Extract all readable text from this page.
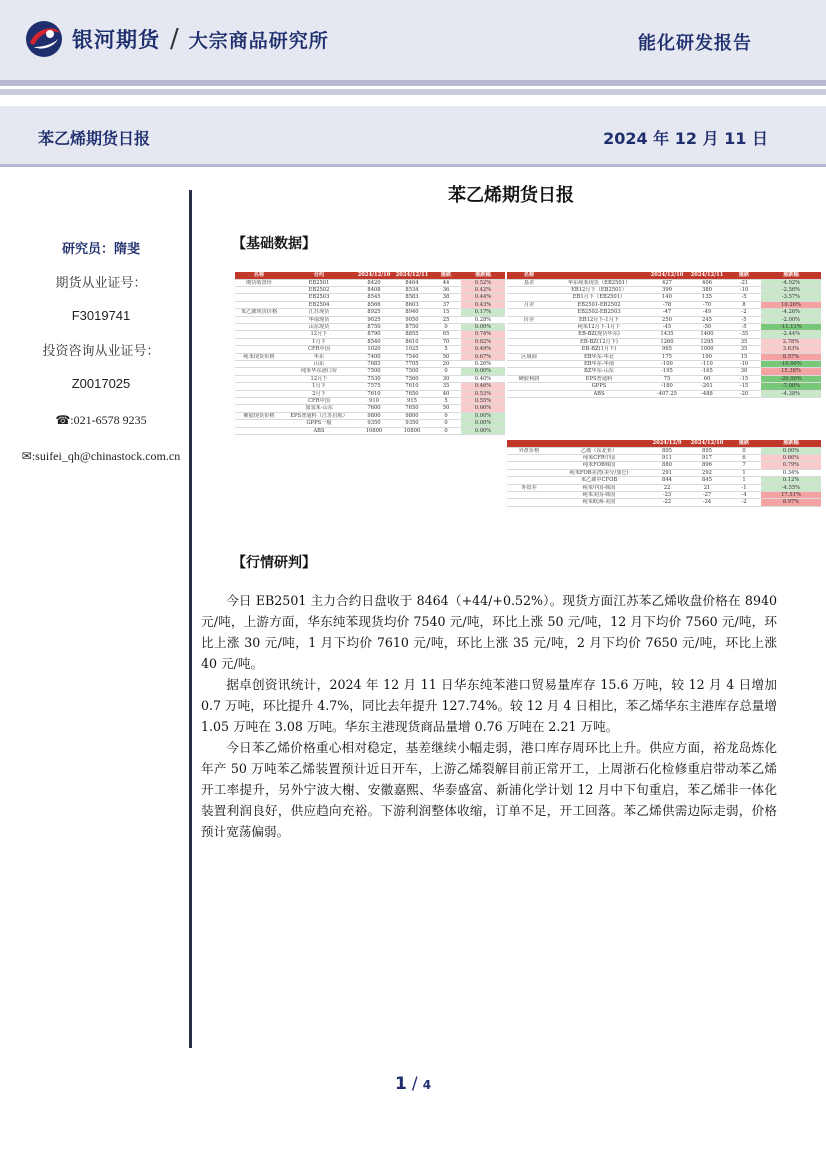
银河期货 / 大宗商品研究所	能化研发报告
苯乙烯期货日报	2024 年 12 月 11 日
研究员：隋斐
期货从业证号：
F3019741
投资咨询从业证号：
Z0017025
☎:021-6578 9235
✉:suifei_qh@chinastock.com.cn
苯乙烯期货日报
【基础数据】
名称	合约	2024/12/10	2024/12/11	涨跌	涨跌幅
期货收盘价	EB2501	8420	8464	44	0.52%
	EB2502	8408	8534	36	0.42%
	EB2503	8545	8583	38	0.44%
	EB2504	8566	8603	37	0.43%
苯乙烯现货价格	江苏现货	8925	8940	15	0.17%
	华南现货	9025	9050	25	0.28%
	山东现货	8750	8750	0	0.00%
	12月下	8790	8855	65	0.74%
	1月下	8540	8610	70	0.82%
	CFR中国	1020	1025	5	0.49%
纯苯现货价格	华东	7400	7540	50	0.67%
	山东	7685	7705	20	0.26%
	纯苯华东港口价	7500	7500	0	0.00%
	12月下	7530	7560	30	0.40%
	1月下	7575	7610	35	0.46%
	2月下	7610	7650	40	0.53%
	CFR中国	910	915	5	0.55%
	加氢苯-山东	7600	7650	50	0.66%
硬胶现货价格	EPS普通料（江苏启航）	9800	9800	0	0.00%
	GPPS一般	9350	9350	0	0.00%
	ABS	10800	10800	0	0.00%
名称		2024/12/10	2024/12/11	涨跌	涨跌幅
基差	华东纯苯现货（EB2501）	427	406	-21	-4.92%
	EB12月下（EB2501）	390	380	-10	-2.56%
	EB1月下（EB2501）	140	135	-5	-3.57%
月差	EB2501-EB2502	-78	-70	8	10.26%
	EB2502-EB2503	-47	-49	-2	-4.26%
价差	EB12月下-1月下	250	245	-5	-2.00%
	纯苯12月下-1月下	-45	-50	-5	-11.11%
	EB-BZ(现货华东)	1435	1400	-35	-2.44%
	EB-BZ(12月下)	1260	1295	35	2.78%
	EB-BZ(1月下)	965	1000	35	3.63%
区域间	EB华东-华北	175	190	15	8.57%
	EB华东-华南	-100	-110	-10	-10.00%
	BZ华东-山东	-195	-165	30	15.38%
硬胶利润	EPS普通料	75	60	-15	-20.00%
	GPPS	-180	-201	-15	-7.00%
	ABS	-407.25	-488	-20	-4.38%
		2024/12/9	2024/12/10	涨跌	涨跌幅
外盘价格	乙烯（东北亚）	895	895	0	0.00%
	纯苯CFR中国	911	917	6	0.66%
	纯苯FOB韩国	880	896	7	0.79%
	纯苯FOB美湾(美分/加仑)	291	292	1	0.34%
	苯乙烯中CFOB	844	845	1	0.12%
外盘差	纯苯中国-韩国	22	21	-1	-4.55%
	纯苯美国-韩国	-23	-27	-4	17.51%
	纯苯欧洲-美国	-22	-24	-2	8.97%
【行情研判】

今日 EB2501 主力合约日盘收于 8464（+44/+0.52%）。现货方面江苏苯乙烯收盘价格在 8940 元/吨，上游方面，华东纯苯现货均价 7540 元/吨，环比上涨 50 元/吨，12 月下均价 7560 元/吨，环比上涨 30 元/吨，1 月下均价 7610 元/吨，环比上涨 35 元/吨，2 月下均价 7650 元/吨，环比上涨 40 元/吨。

据卓创资讯统计，2024 年 12 月 11 日华东纯苯港口贸易量库存 15.6 万吨，较 12 月 4 日增加 0.7 万吨，环比提升 4.7%，同比去年提升 127.74%。较 12 月 4 日相比，苯乙烯华东主港库存总量增 1.05 万吨在 3.08 万吨。华东主港现货商品量增 0.76 万吨在 2.21 万吨。

今日苯乙烯价格重心相对稳定，基差继续小幅走弱，港口库存周环比上升。供应方面，裕龙岛炼化年产 50 万吨苯乙烯装置预计近日开车，上游乙烯裂解目前正常开工，上周浙石化检修重启带动苯乙烯开工率提升，另外宁波大榭、安徽嘉熙、华泰盛富、新浦化学计划 12 月中下旬重启，苯乙烯非一体化装置利润良好，供应趋向充裕。下游利润整体收缩，订单不足，开工回落。苯乙烯供需边际走弱，价格预计宽荡偏弱。

1 / 4
